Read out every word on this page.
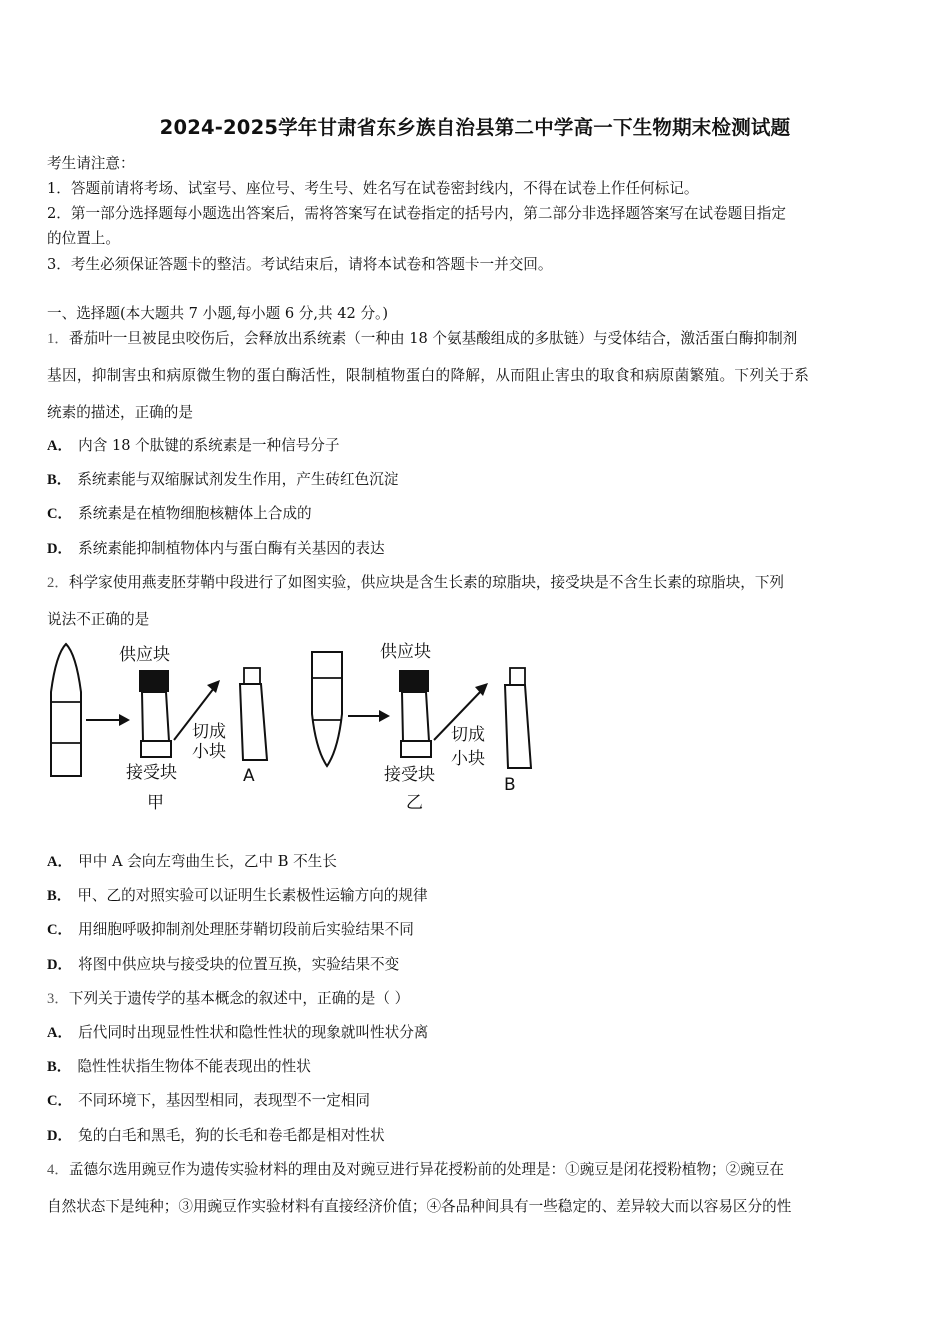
2024-2025学年甘肃省东乡族自治县第二中学高一下生物期末检测试题
考生请注意：
1．答题前请将考场、试室号、座位号、考生号、姓名写在试卷密封线内，不得在试卷上作任何标记。
2．第一部分选择题每小题选出答案后，需将答案写在试卷指定的括号内，第二部分非选择题答案写在试卷题目指定
的位置上。
3．考生必须保证答题卡的整洁。考试结束后，请将本试卷和答题卡一并交回。
一、选择题(本大题共 7 小题,每小题 6 分,共 42 分。)
1．番茄叶一旦被昆虫咬伤后，会释放出系统素（一种由 18 个氨基酸组成的多肽链）与受体结合，激活蛋白酶抑制剂
基因，抑制害虫和病原微生物的蛋白酶活性，限制植物蛋白的降解，从而阻止害虫的取食和病原菌繁殖。下列关于系
统素的描述，正确的是
A． 内含 18 个肽键的系统素是一种信号分子
B． 系统素能与双缩脲试剂发生作用，产生砖红色沉淀
C． 系统素是在植物细胞核糖体上合成的
D． 系统素能抑制植物体内与蛋白酶有关基因的表达
2．科学家使用燕麦胚芽鞘中段进行了如图实验，供应块是含生长素的琼脂块，接受块是不含生长素的琼脂块，下列
说法不正确的是
供应块
切成
小块
接受块	A
甲
供应块
切成
小块
接受块	B
乙
A． 甲中 A 会向左弯曲生长，乙中 B 不生长
B． 甲、乙的对照实验可以证明生长素极性运输方向的规律
C． 用细胞呼吸抑制剂处理胚芽鞘切段前后实验结果不同
D． 将图中供应块与接受块的位置互换，实验结果不变
3．下列关于遗传学的基本概念的叙述中，正确的是（ ）
A． 后代同时出现显性性状和隐性性状的现象就叫性状分离
B． 隐性性状指生物体不能表现出的性状
C． 不同环境下，基因型相同，表现型不一定相同
D． 兔的白毛和黑毛，狗的长毛和卷毛都是相对性状
4．孟德尔选用豌豆作为遗传实验材料的理由及对豌豆进行异花授粉前的处理是：①豌豆是闭花授粉植物；②豌豆在
自然状态下是纯种；③用豌豆作实验材料有直接经济价值；④各品种间具有一些稳定的、差异较大而以容易区分的性
